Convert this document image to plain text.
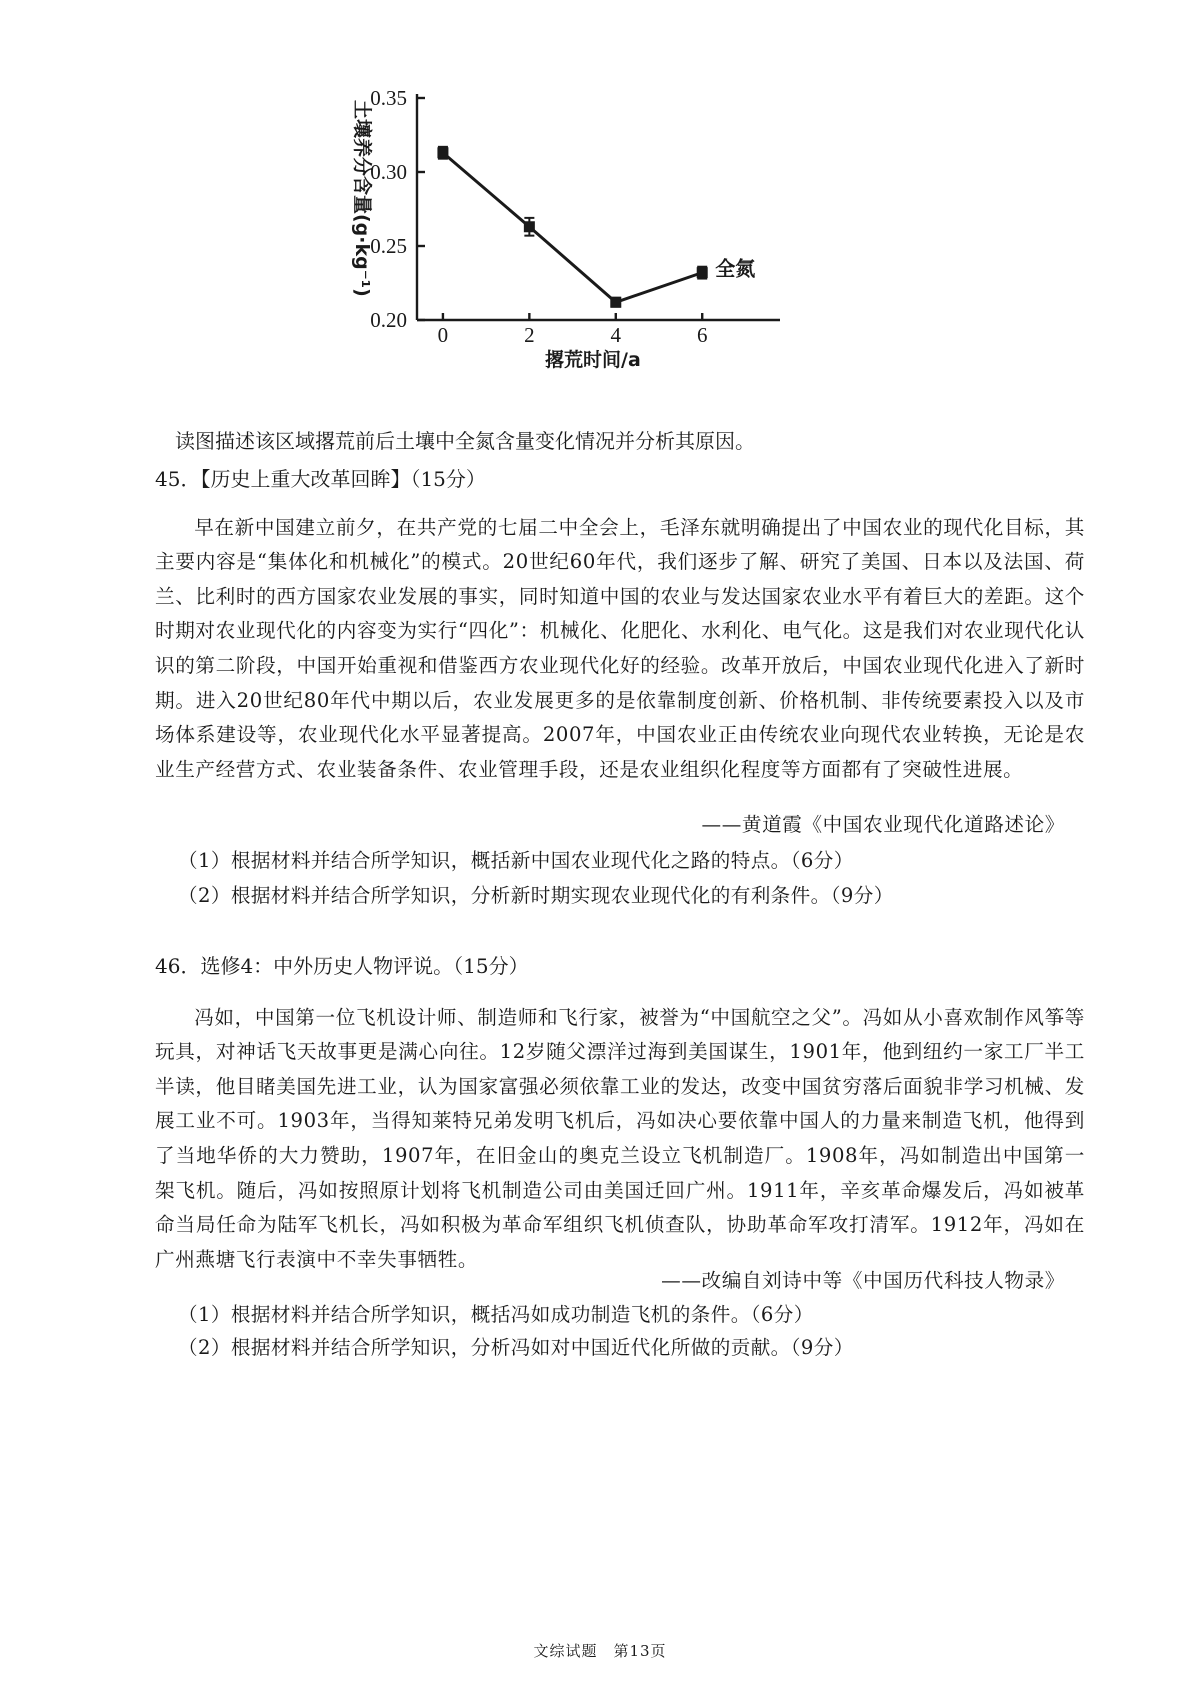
土壤养分含量(g·kg⁻¹)
撂荒时间/a
0.35
0.30
0.25
0.20
0	2	4	6
全氮
读图描述该区域撂荒前后土壤中全氮含量变化情况并分析其原因。
45．【历史上重大改革回眸】（15分）

早在新中国建立前夕，在共产党的七届二中全会上，毛泽东就明确提出了中国农业的现代化目标，其主要内容是“集体化和机械化”的模式。20世纪60年代，我们逐步了解、研究了美国、日本以及法国、荷兰、比利时的西方国家农业发展的事实，同时知道中国的农业与发达国家农业水平有着巨大的差距。这个时期对农业现代化的内容变为实行“四化”：机械化、化肥化、水利化、电气化。这是我们对农业现代化认识的第二阶段，中国开始重视和借鉴西方农业现代化好的经验。改革开放后，中国农业现代化进入了新时期。进入20世纪80年代中期以后，农业发展更多的是依靠制度创新、价格机制、非传统要素投入以及市场体系建设等，农业现代化水平显著提高。2007年，中国农业正由传统农业向现代农业转换，无论是农业生产经营方式、农业装备条件、农业管理手段，还是农业组织化程度等方面都有了突破性进展。

——黄道霞《中国农业现代化道路述论》
（1）根据材料并结合所学知识，概括新中国农业现代化之路的特点。（6分）
（2）根据材料并结合所学知识，分析新时期实现农业现代化的有利条件。（9分）
46．选修4：中外历史人物评说。（15分）

冯如，中国第一位飞机设计师、制造师和飞行家，被誉为“中国航空之父”。冯如从小喜欢制作风筝等玩具，对神话飞天故事更是满心向往。12岁随父漂洋过海到美国谋生，1901年，他到纽约一家工厂半工半读，他目睹美国先进工业，认为国家富强必须依靠工业的发达，改变中国贫穷落后面貌非学习机械、发展工业不可。1903年，当得知莱特兄弟发明飞机后，冯如决心要依靠中国人的力量来制造飞机，他得到了当地华侨的大力赞助，1907年，在旧金山的奥克兰设立飞机制造厂。1908年，冯如制造出中国第一架飞机。随后，冯如按照原计划将飞机制造公司由美国迁回广州。1911年，辛亥革命爆发后，冯如被革命当局任命为陆军飞机长，冯如积极为革命军组织飞机侦查队，协助革命军攻打清军。1912年，冯如在广州燕塘飞行表演中不幸失事牺牲。

——改编自刘诗中等《中国历代科技人物录》
（1）根据材料并结合所学知识，概括冯如成功制造飞机的条件。（6分）
（2）根据材料并结合所学知识，分析冯如对中国近代化所做的贡献。（9分）
文综试题　第13页
